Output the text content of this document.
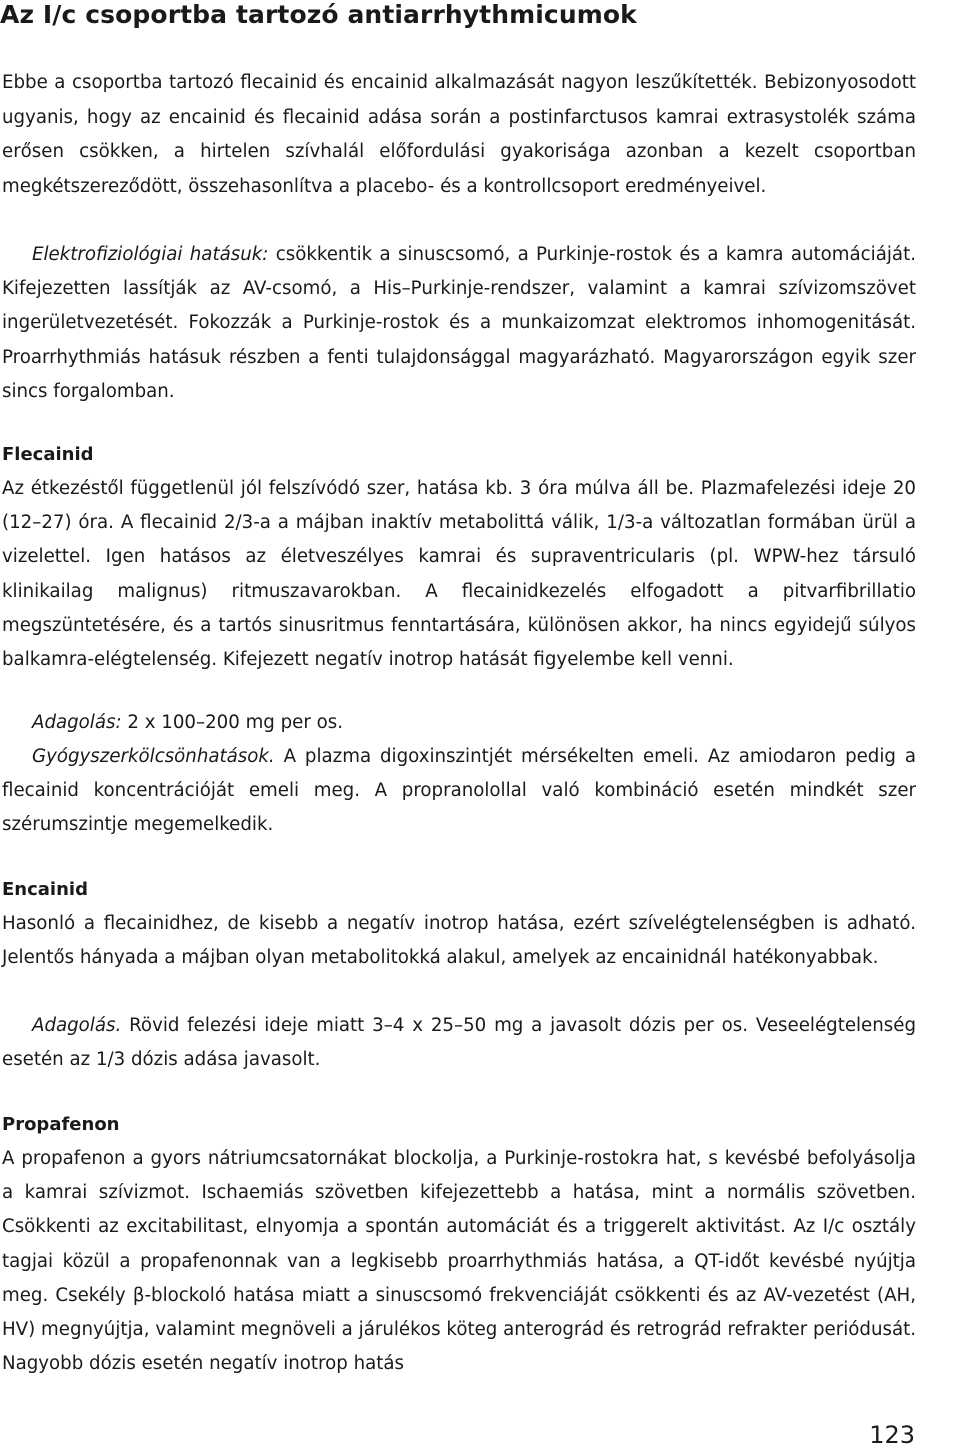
Az I/c csoportba tartozó antiarrhythmicumok

Ebbe a csoportba tartozó flecainid és encainid alkalmazását nagyon leszűkítették. Bebizonyosodott ugyanis, hogy az encainid és flecainid adása során a postinfarctusos kamrai extrasystolék száma erősen csökken, a hirtelen szívhalál előfordulási gyakorisága azonban a kezelt csoportban megkétszereződött, összehasonlítva a placebo- és a kontrollcsoport eredményeivel.

Elektrofiziológiai hatásuk: csökkentik a sinuscsomó, a Purkinje-rostok és a kamra automáciáját. Kifejezetten lassítják az AV-csomó, a His–Purkinje-rendszer, valamint a kamrai szívizomszövet ingerületvezetését. Fokozzák a Purkinje-rostok és a munkaizomzat elektromos inhomogenitását. Proarrhythmiás hatásuk részben a fenti tulajdonsággal magyarázható. Magyarországon egyik szer sincs forgalomban.

Flecainid

Az étkezéstől függetlenül jól felszívódó szer, hatása kb. 3 óra múlva áll be. Plazmafelezési ideje 20 (12–27) óra. A flecainid 2/3-a a májban inaktív metabolittá válik, 1/3-a változatlan formában ürül a vizelettel. Igen hatásos az életveszélyes kamrai és supraventricularis (pl. WPW-hez társuló klinikailag malignus) ritmuszavarokban. A flecainidkezelés elfogadott a pitvarfibrillatio megszüntetésére, és a tartós sinusritmus fenntartására, különösen akkor, ha nincs egyidejű súlyos balkamra-elégtelenség. Kifejezett negatív inotrop hatását figyelembe kell venni.

Adagolás: 2 x 100–200 mg per os.

Gyógyszerkölcsönhatások. A plazma digoxinszintjét mérsékelten emeli. Az amiodaron pedig a flecainid koncentrációját emeli meg. A propranolollal való kombináció esetén mindkét szer szérumszintje megemelkedik.

Encainid

Hasonló a flecainidhez, de kisebb a negatív inotrop hatása, ezért szívelégtelenségben is adható. Jelentős hányada a májban olyan metabolitokká alakul, amelyek az encainidnál hatékonyabbak.

Adagolás. Rövid felezési ideje miatt 3–4 x 25–50 mg a javasolt dózis per os. Veseelégtelenség esetén az 1/3 dózis adása javasolt.

Propafenon

A propafenon a gyors nátriumcsatornákat blockolja, a Purkinje-rostokra hat, s kevésbé befolyásolja a kamrai szívizmot. Ischaemiás szövetben kifejezettebb a hatása, mint a normális szövetben. Csökkenti az excitabilitast, elnyomja a spontán automáciát és a triggerelt aktivitást. Az I/c osztály tagjai közül a propafenonnak van a legkisebb proarrhythmiás hatása, a QT-időt kevésbé nyújtja meg. Csekély β-blockoló hatása miatt a sinuscsomó frekvenciáját csökkenti és az AV-vezetést (AH, HV) megnyújtja, valamint megnöveli a járulékos köteg anterográd és retrográd refrakter periódusát. Nagyobb dózis esetén negatív inotrop hatás

123
